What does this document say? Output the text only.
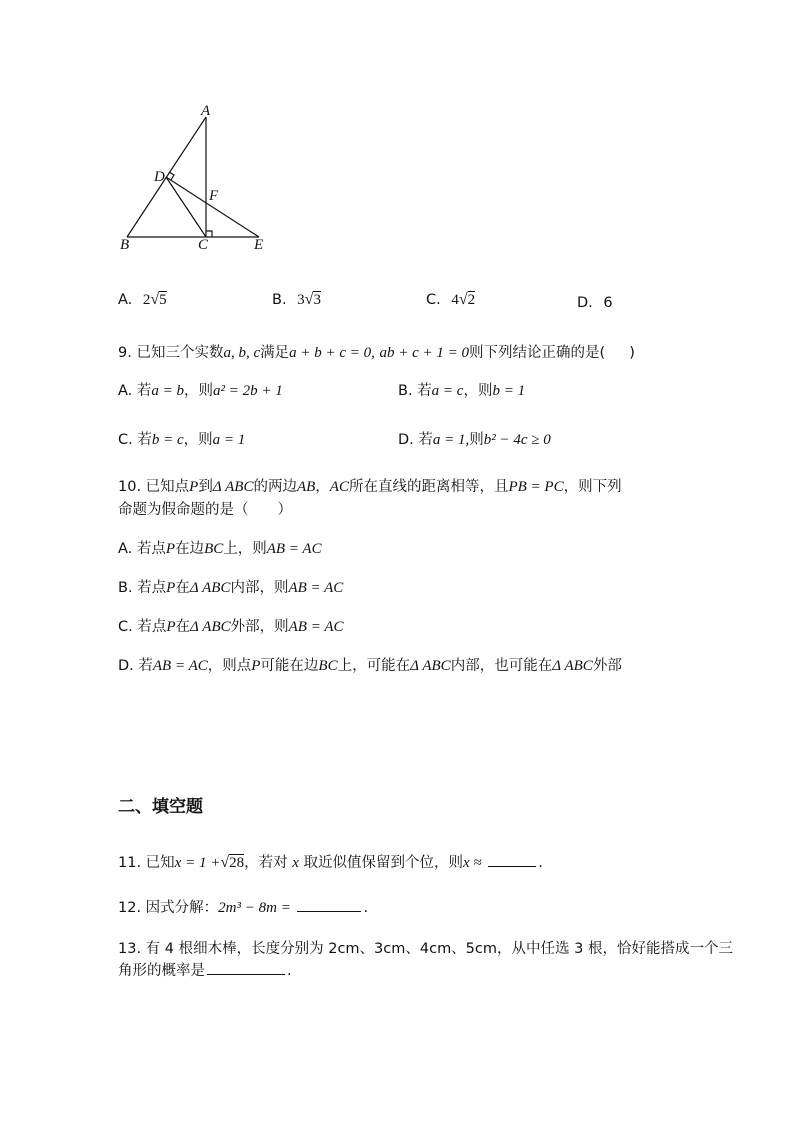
A
D
F
B	C	E
A. 2√5	B. 3√3	C. 4√2	D. 6
9. 已知三个实数a, b, c满足a + b + c = 0, ab + c + 1 = 0则下列结论正确的是( )
A. 若a = b，则a² = 2b + 1	B. 若a = c，则b = 1
C. 若b = c，则a = 1	D. 若a = 1,则b² − 4c ≥ 0
10. 已知点P到Δ ABC的两边AB，AC所在直线的距离相等，且PB = PC，则下列
命题为假命题的是（　　）
A. 若点P在边BC上，则AB = AC
B. 若点P在Δ ABC内部，则AB = AC
C. 若点P在Δ ABC外部，则AB = AC
D. 若AB = AC，则点P可能在边BC上，可能在Δ ABC内部，也可能在Δ ABC外部
二、填空题
11. 已知x = 1 +√28，若对 x 取近似值保留到个位，则x ≈	.
12. 因式分解：2m³ − 8m =	.
13. 有 4 根细木棒，长度分别为 2cm、3cm、4cm、5cm，从中任选 3 根，恰好能搭成一个三
角形的概率是	.
